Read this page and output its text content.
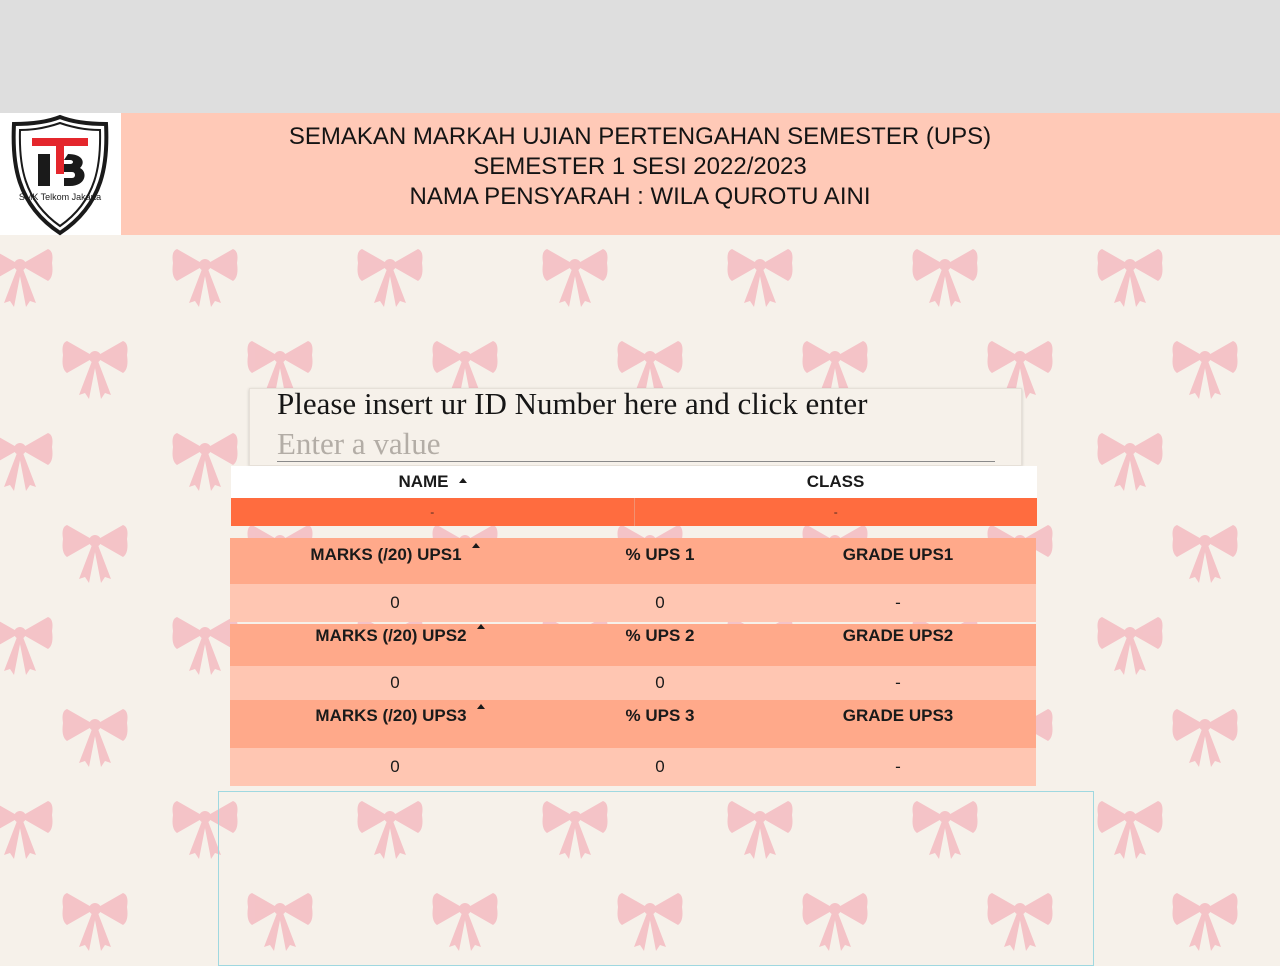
SMK Telkom Jakarta
SEMAKAN MARKAH UJIAN PERTENGAHAN SEMESTER (UPS)
SEMESTER 1 SESI 2022/2023
NAMA PENSYARAH : WILA QUROTU AINI
Please insert ur ID Number here and click enter
Enter a value
NAME	CLASS
-	-
MARKS (/20) UPS1	% UPS 1	GRADE UPS1
0	0	-
MARKS (/20) UPS2	% UPS 2	GRADE UPS2
0	0	-
MARKS (/20) UPS3	% UPS 3	GRADE UPS3
0	0	-
